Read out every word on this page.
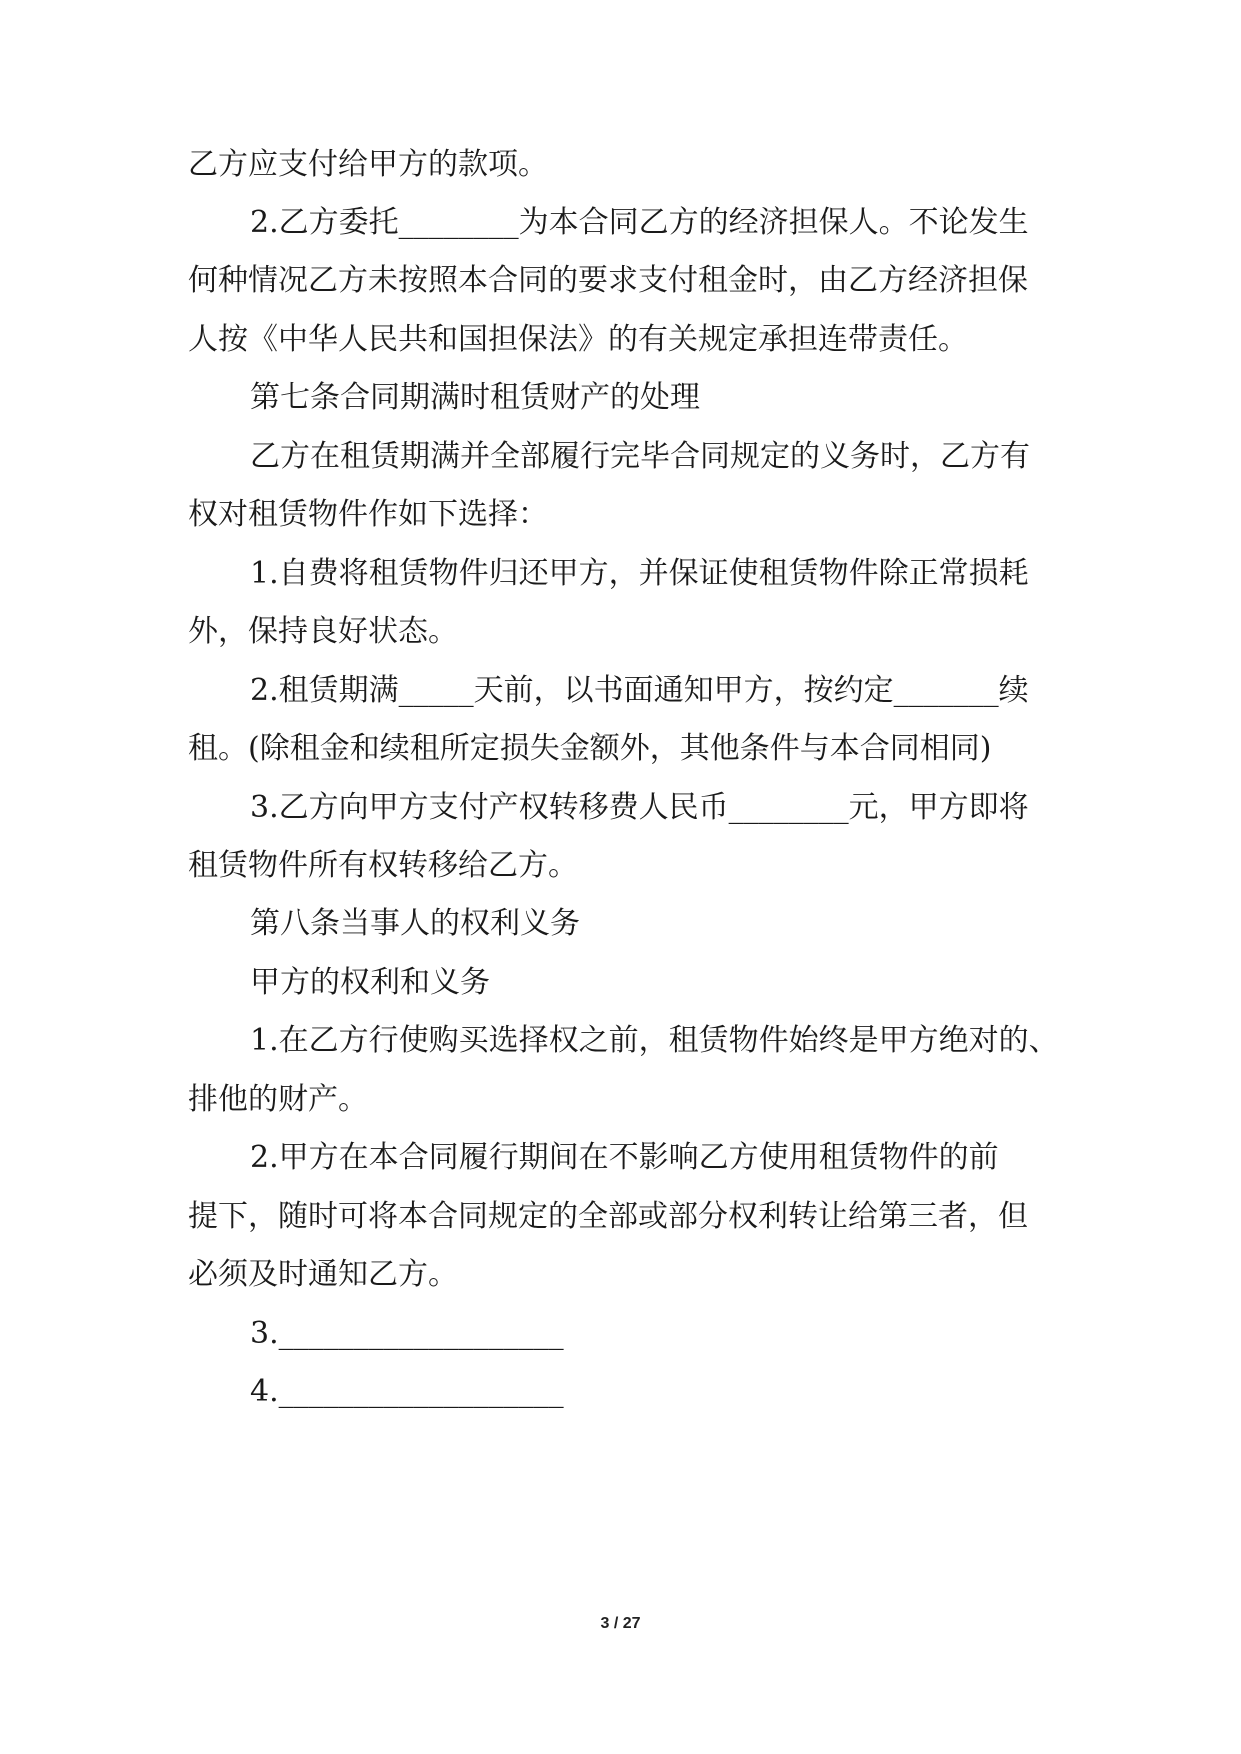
乙方应支付给甲方的款项。
2.乙方委托________为本合同乙方的经济担保人。不论发生
何种情况乙方未按照本合同的要求支付租金时，由乙方经济担保
人按《中华人民共和国担保法》的有关规定承担连带责任。
第七条合同期满时租赁财产的处理
乙方在租赁期满并全部履行完毕合同规定的义务时，乙方有
权对租赁物件作如下选择：
1.自费将租赁物件归还甲方，并保证使租赁物件除正常损耗
外，保持良好状态。
2.租赁期满_____天前，以书面通知甲方，按约定_______续
租。(除租金和续租所定损失金额外，其他条件与本合同相同)
3.乙方向甲方支付产权转移费人民币________元，甲方即将
租赁物件所有权转移给乙方。
第八条当事人的权利义务
甲方的权利和义务
1.在乙方行使购买选择权之前，租赁物件始终是甲方绝对的、
排他的财产。
2.甲方在本合同履行期间在不影响乙方使用租赁物件的前
提下，随时可将本合同规定的全部或部分权利转让给第三者，但
必须及时通知乙方。
3.___________________
4.___________________
3 / 27
